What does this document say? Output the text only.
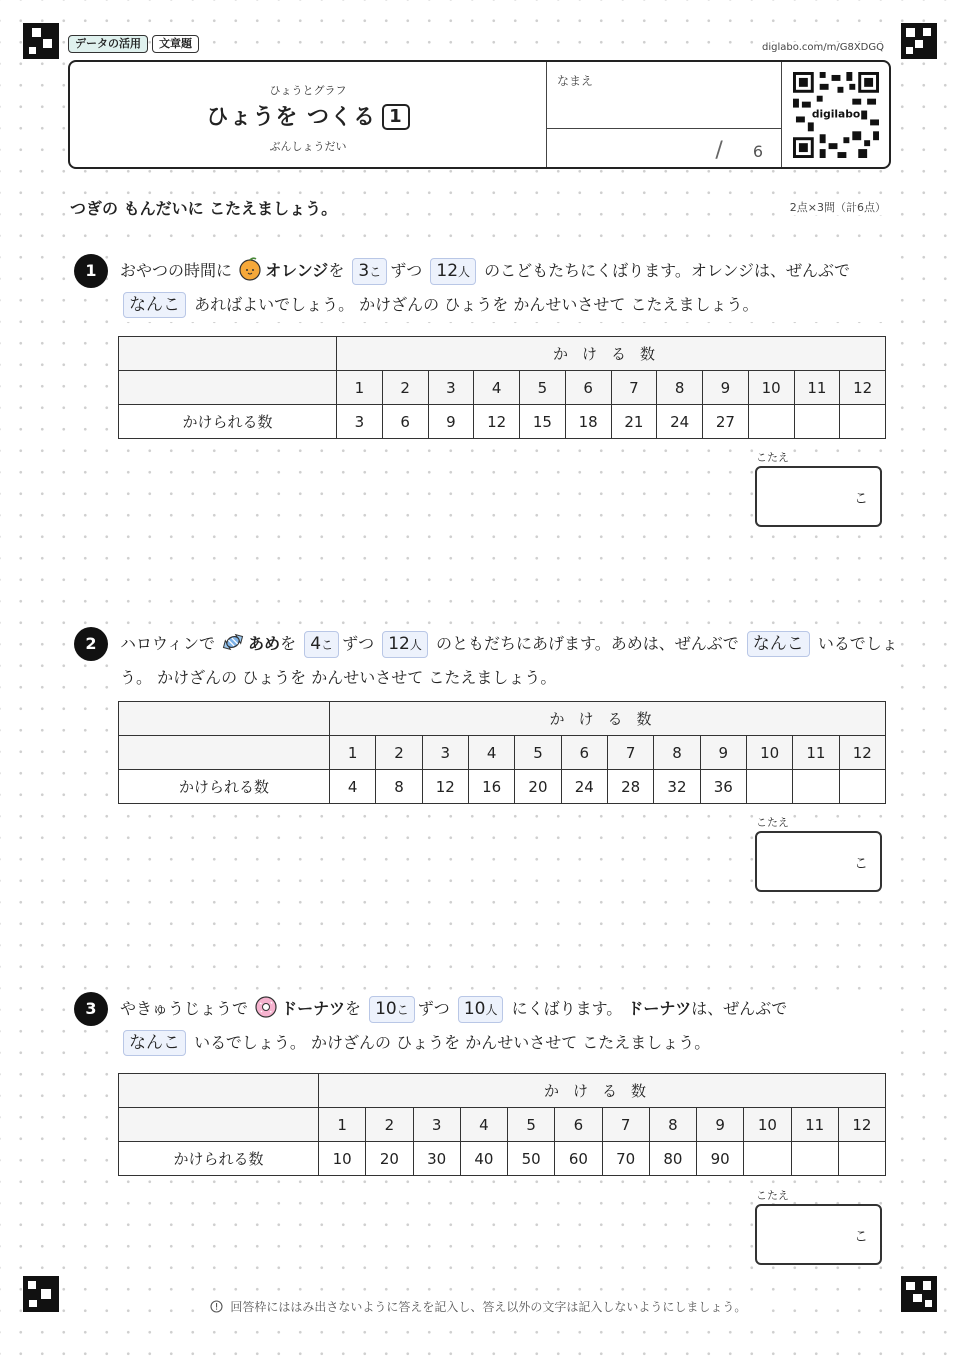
データの活用	文章題	diglabo.com/m/G8XDGQ
ひょうとグラフ
ひょうを つくる 1
ぶんしょうだい
なまえ
/ 6
digilabo
つぎの もんだいに こたえましょう。	2点×3問（計6点）
1	おやつの時間に オレンジを 3こ ずつ 12人 のこどもたちにくばります。オレンジは、ぜんぶで なんこ あればよいでしょう。 かけざんの ひょうを かんせいさせて こたえましょう。
	かける数											
	1	2	3	4	5	6	7	8	9	10	11	12
かけられる数	3	6	9	12	15	18	21	24	27			
こたえ
こ
2	ハロウィンで あめを 4こ ずつ 12人 のともだちにあげます。あめは、ぜんぶで なんこ いるでしょう。 かけざんの ひょうを かんせいさせて こたえましょう。
	かける数											
	1	2	3	4	5	6	7	8	9	10	11	12
かけられる数	4	8	12	16	20	24	28	32	36			
こたえ
こ
3	やきゅうじょうで ドーナツを 10こ ずつ 10人 にくばります。 ドーナツは、ぜんぶで
なんこ いるでしょう。 かけざんの ひょうを かんせいさせて こたえましょう。
	かける数											
	1	2	3	4	5	6	7	8	9	10	11	12
かけられる数	10	20	30	40	50	60	70	80	90			
こたえ
こ
回答枠にははみ出さないように答えを記入し、答え以外の文字は記入しないようにしましょう。
